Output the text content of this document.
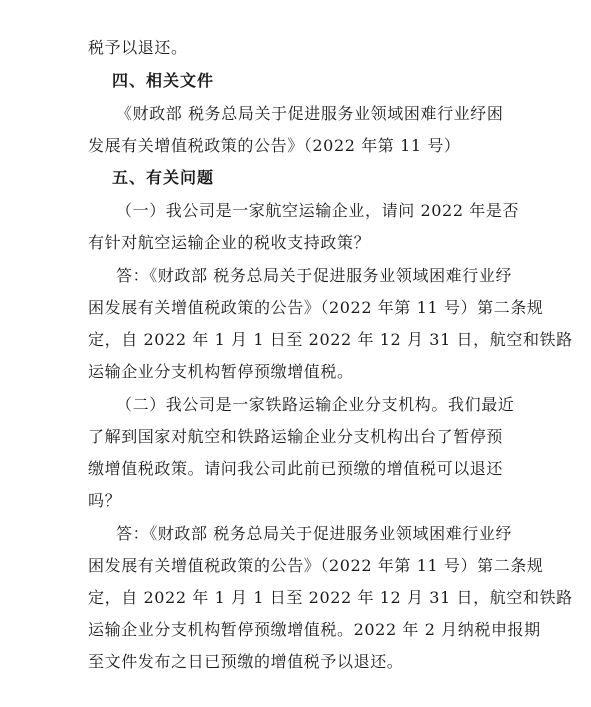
税予以退还。
四、相关文件
《财政部 税务总局关于促进服务业领域困难行业纾困
发展有关增值税政策的公告》（2022 年第 11 号）
五、有关问题
（一）我公司是一家航空运输企业，请问 2022 年是否
有针对航空运输企业的税收支持政策？
答：《财政部 税务总局关于促进服务业领域困难行业纾
困发展有关增值税政策的公告》（2022 年第 11 号）第二条规
定，自 2022 年 1 月 1 日至 2022 年 12 月 31 日，航空和铁路
运输企业分支机构暂停预缴增值税。
（二）我公司是一家铁路运输企业分支机构。我们最近
了解到国家对航空和铁路运输企业分支机构出台了暂停预
缴增值税政策。请问我公司此前已预缴的增值税可以退还
吗？
答：《财政部 税务总局关于促进服务业领域困难行业纾
困发展有关增值税政策的公告》（2022 年第 11 号）第二条规
定，自 2022 年 1 月 1 日至 2022 年 12 月 31 日，航空和铁路
运输企业分支机构暂停预缴增值税。2022 年 2 月纳税申报期
至文件发布之日已预缴的增值税予以退还。
